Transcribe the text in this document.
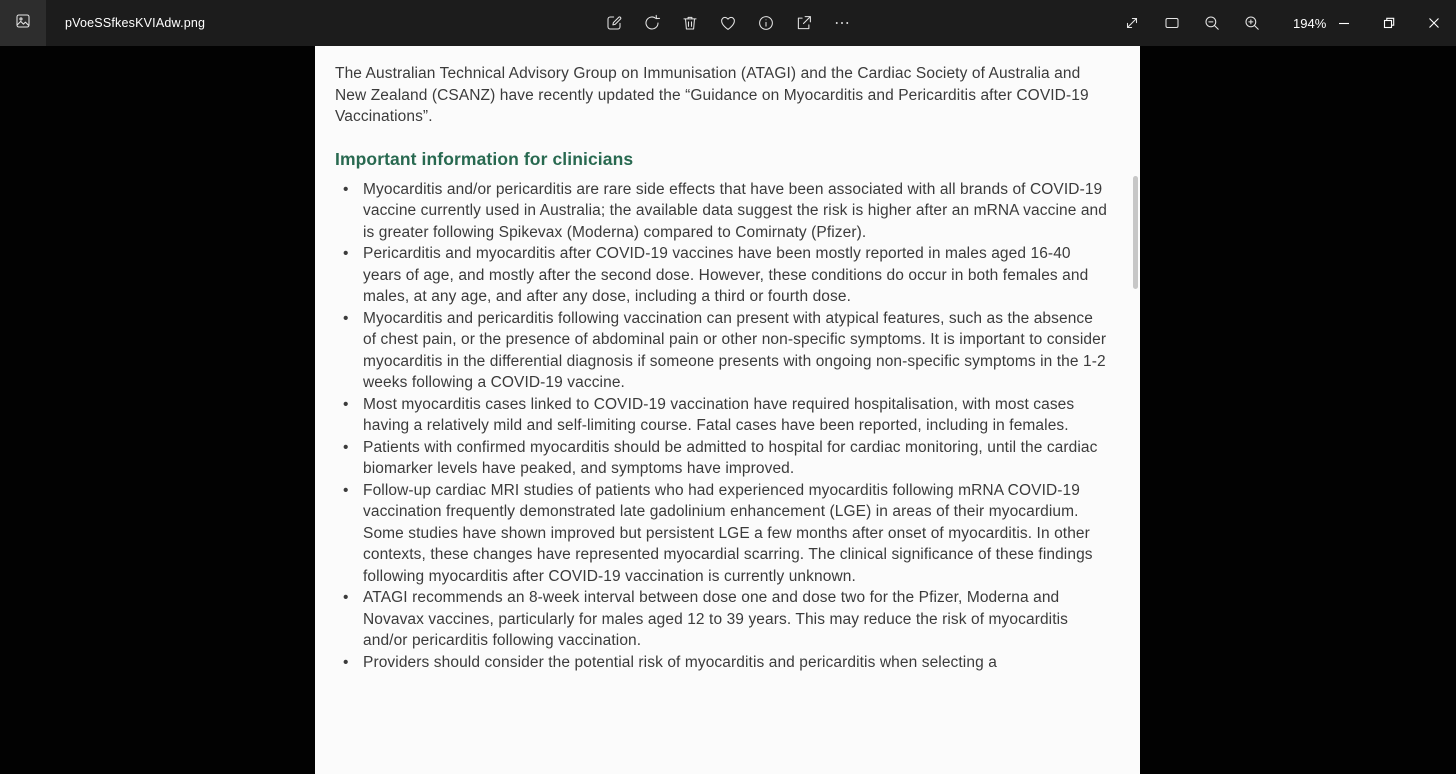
pVoeSSfkesKVIAdw.png	194%

The Australian Technical Advisory Group on Immunisation (ATAGI) and the Cardiac Society of Australia and New Zealand (CSANZ) have recently updated the “Guidance on Myocarditis and Pericarditis after COVID-19 Vaccinations”.

Important information for clinicians
• Myocarditis and/or pericarditis are rare side effects that have been associated with all brands of COVID-19 vaccine currently used in Australia; the available data suggest the risk is higher after an mRNA vaccine and is greater following Spikevax (Moderna) compared to Comirnaty (Pfizer).
• Pericarditis and myocarditis after COVID-19 vaccines have been mostly reported in males aged 16-40 years of age, and mostly after the second dose. However, these conditions do occur in both females and males, at any age, and after any dose, including a third or fourth dose.
• Myocarditis and pericarditis following vaccination can present with atypical features, such as the absence of chest pain, or the presence of abdominal pain or other non-specific symptoms. It is important to consider myocarditis in the differential diagnosis if someone presents with ongoing non-specific symptoms in the 1-2 weeks following a COVID-19 vaccine.
• Most myocarditis cases linked to COVID-19 vaccination have required hospitalisation, with most cases having a relatively mild and self-limiting course. Fatal cases have been reported, including in females.
• Patients with confirmed myocarditis should be admitted to hospital for cardiac monitoring, until the cardiac biomarker levels have peaked, and symptoms have improved.
• Follow-up cardiac MRI studies of patients who had experienced myocarditis following mRNA COVID-19 vaccination frequently demonstrated late gadolinium enhancement (LGE) in areas of their myocardium. Some studies have shown improved but persistent LGE a few months after onset of myocarditis. In other contexts, these changes have represented myocardial scarring. The clinical significance of these findings following myocarditis after COVID-19 vaccination is currently unknown.
• ATAGI recommends an 8-week interval between dose one and dose two for the Pfizer, Moderna and Novavax vaccines, particularly for males aged 12 to 39 years. This may reduce the risk of myocarditis and/or pericarditis following vaccination.
• Providers should consider the potential risk of myocarditis and pericarditis when selecting a
